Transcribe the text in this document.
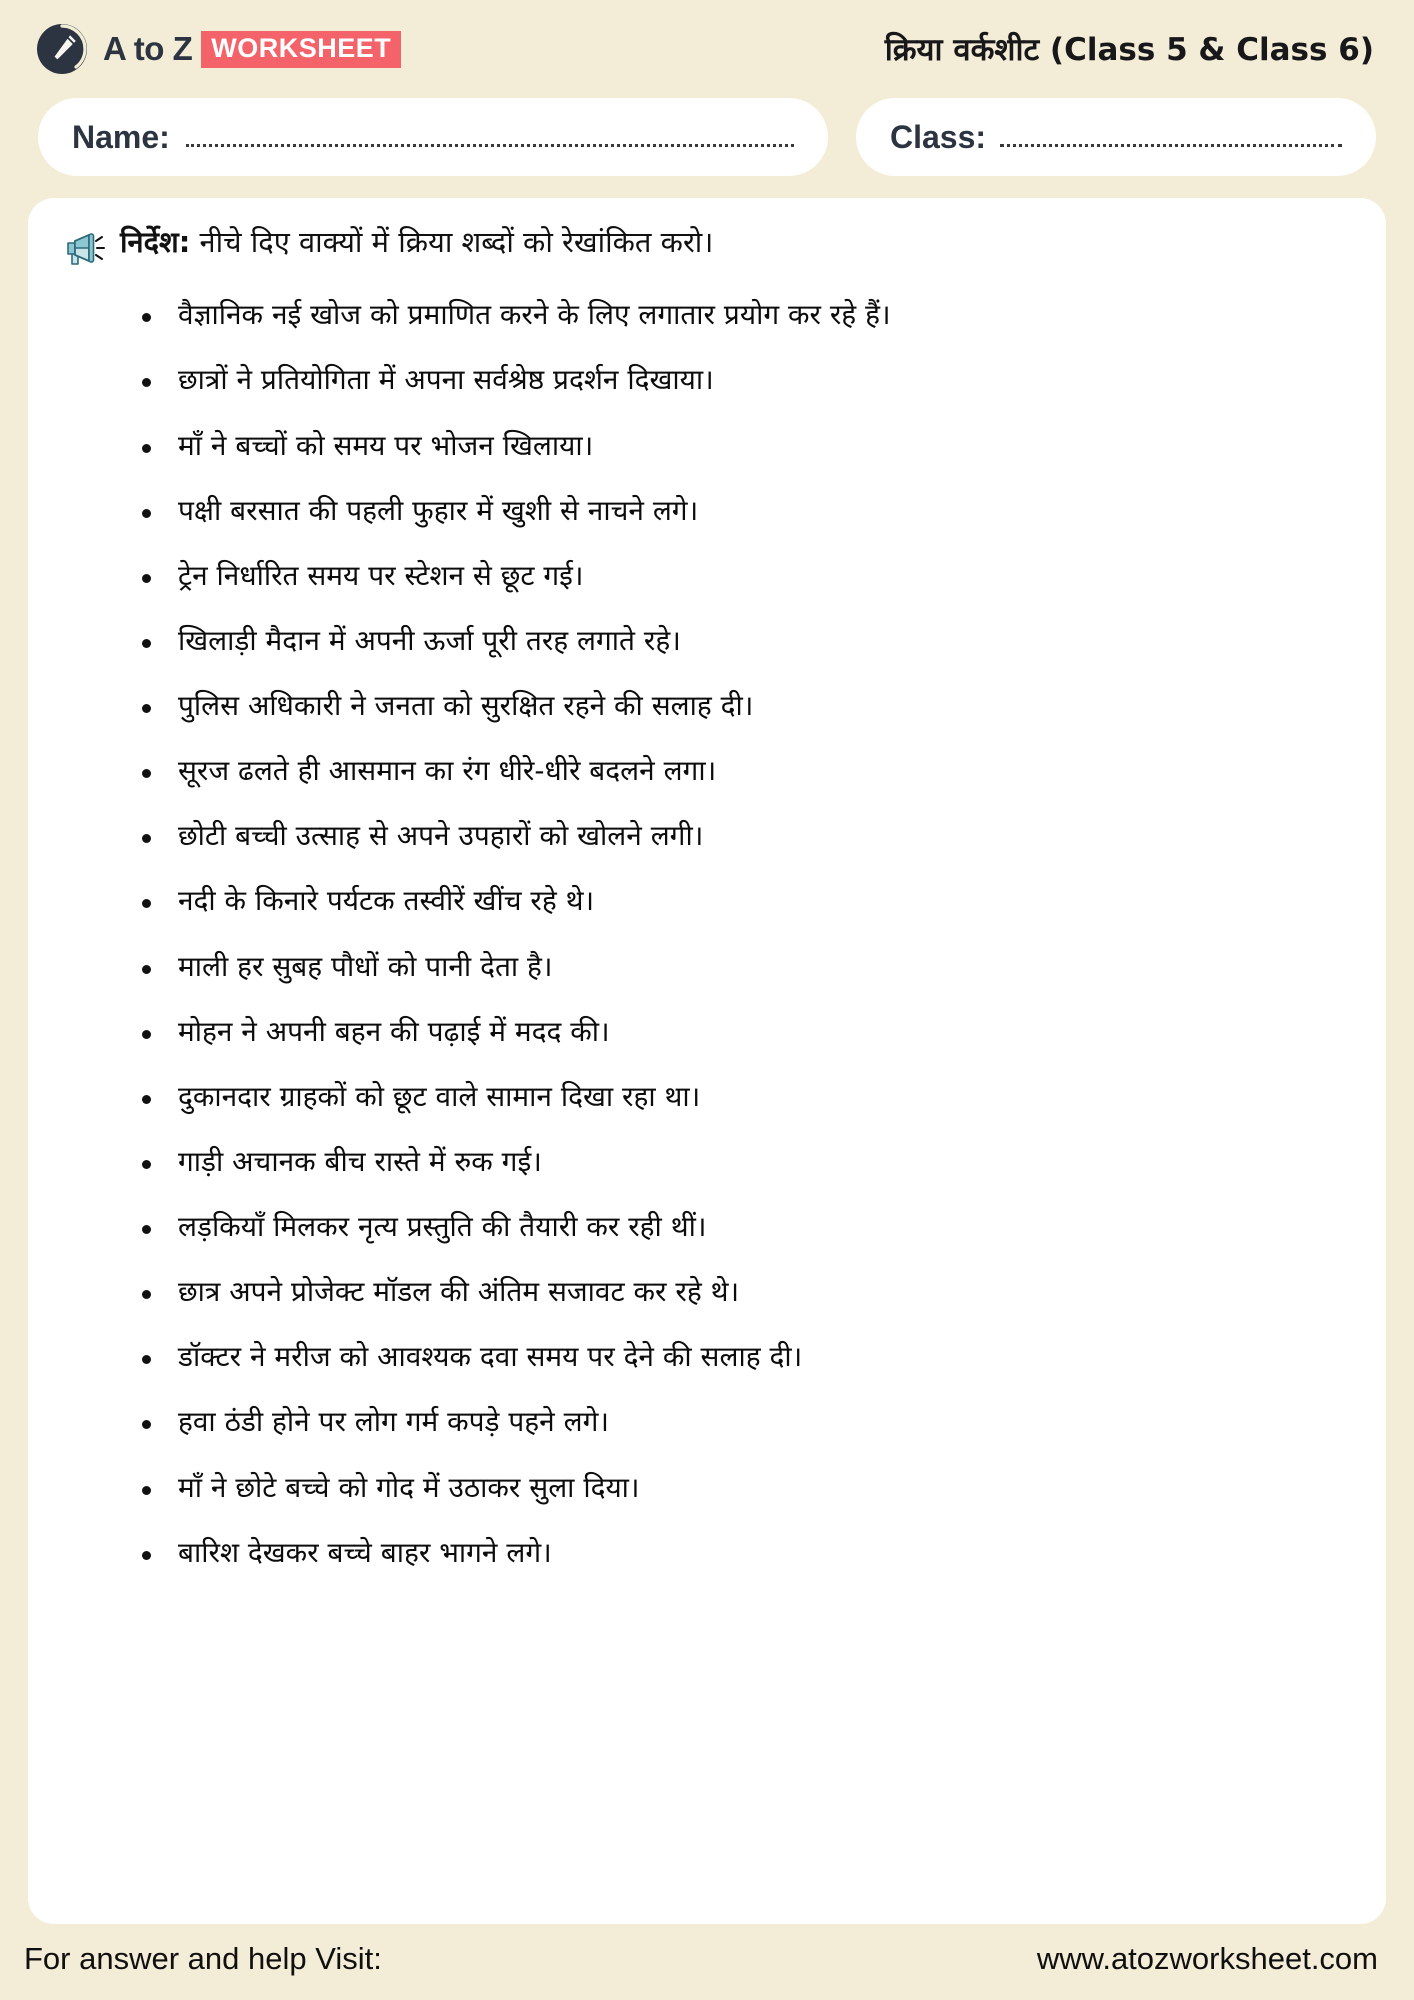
A to Z WORKSHEET	क्रिया वर्कशीट (Class 5 & Class 6)
Name:	Class:
निर्देश: नीचे दिए वाक्यों में क्रिया शब्दों को रेखांकित करो।
वैज्ञानिक नई खोज को प्रमाणित करने के लिए लगातार प्रयोग कर रहे हैं।
छात्रों ने प्रतियोगिता में अपना सर्वश्रेष्ठ प्रदर्शन दिखाया।
माँ ने बच्चों को समय पर भोजन खिलाया।
पक्षी बरसात की पहली फुहार में खुशी से नाचने लगे।
ट्रेन निर्धारित समय पर स्टेशन से छूट गई।
खिलाड़ी मैदान में अपनी ऊर्जा पूरी तरह लगाते रहे।
पुलिस अधिकारी ने जनता को सुरक्षित रहने की सलाह दी।
सूरज ढलते ही आसमान का रंग धीरे-धीरे बदलने लगा।
छोटी बच्ची उत्साह से अपने उपहारों को खोलने लगी।
नदी के किनारे पर्यटक तस्वीरें खींच रहे थे।
माली हर सुबह पौधों को पानी देता है।
मोहन ने अपनी बहन की पढ़ाई में मदद की।
दुकानदार ग्राहकों को छूट वाले सामान दिखा रहा था।
गाड़ी अचानक बीच रास्ते में रुक गई।
लड़कियाँ मिलकर नृत्य प्रस्तुति की तैयारी कर रही थीं।
छात्र अपने प्रोजेक्ट मॉडल की अंतिम सजावट कर रहे थे।
डॉक्टर ने मरीज को आवश्यक दवा समय पर देने की सलाह दी।
हवा ठंडी होने पर लोग गर्म कपड़े पहने लगे।
माँ ने छोटे बच्चे को गोद में उठाकर सुला दिया।
बारिश देखकर बच्चे बाहर भागने लगे।
For answer and help Visit:	www.atozworksheet.com
